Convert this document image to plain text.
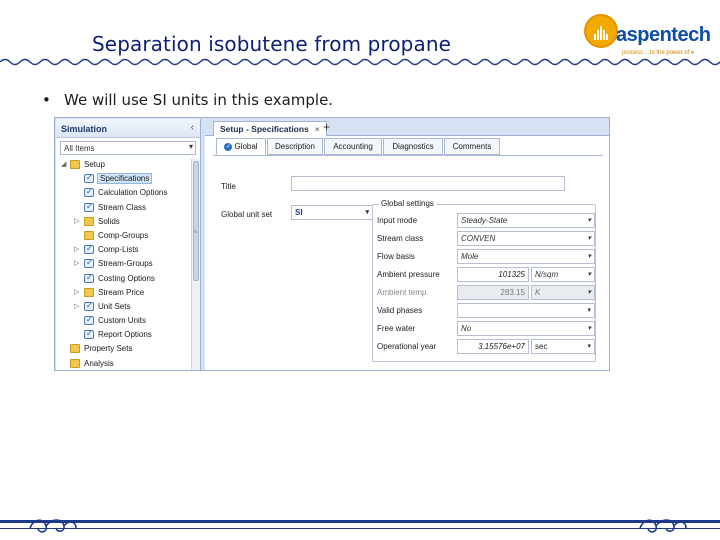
Separation isobutene from propane	aspentech
process ...to the power of e
• We will use SI units in this example.
Simulation	‹
All Items	▾
◢ Setup
✓
Specifications
✓
Calculation Options
✓
Stream Class
▷ Solids
Comp-Groups
▷ ✓ Comp-Lists
▷ ✓ Stream-Groups
✓
Costing Options
▷ Stream Price
▷ ✓ Unit Sets
✓
Custom Units
✓
Report Options
Property Sets
Analysis
≡
Setup - Specifications × +
✓ Global	Description	Accounting	Diagnostics	Comments
Title
Global unit set	SI	▾
Global settings
Input mode	Steady-State	▾
Stream class	CONVEN	▾
Flow basis	Mole	▾
Ambient pressure	101325	N/sqm	▾
Ambient temp.	283.15	K	▾
Valid phases	▾
Free water	No	▾
Operational year	3.15576e+07	sec	▾
